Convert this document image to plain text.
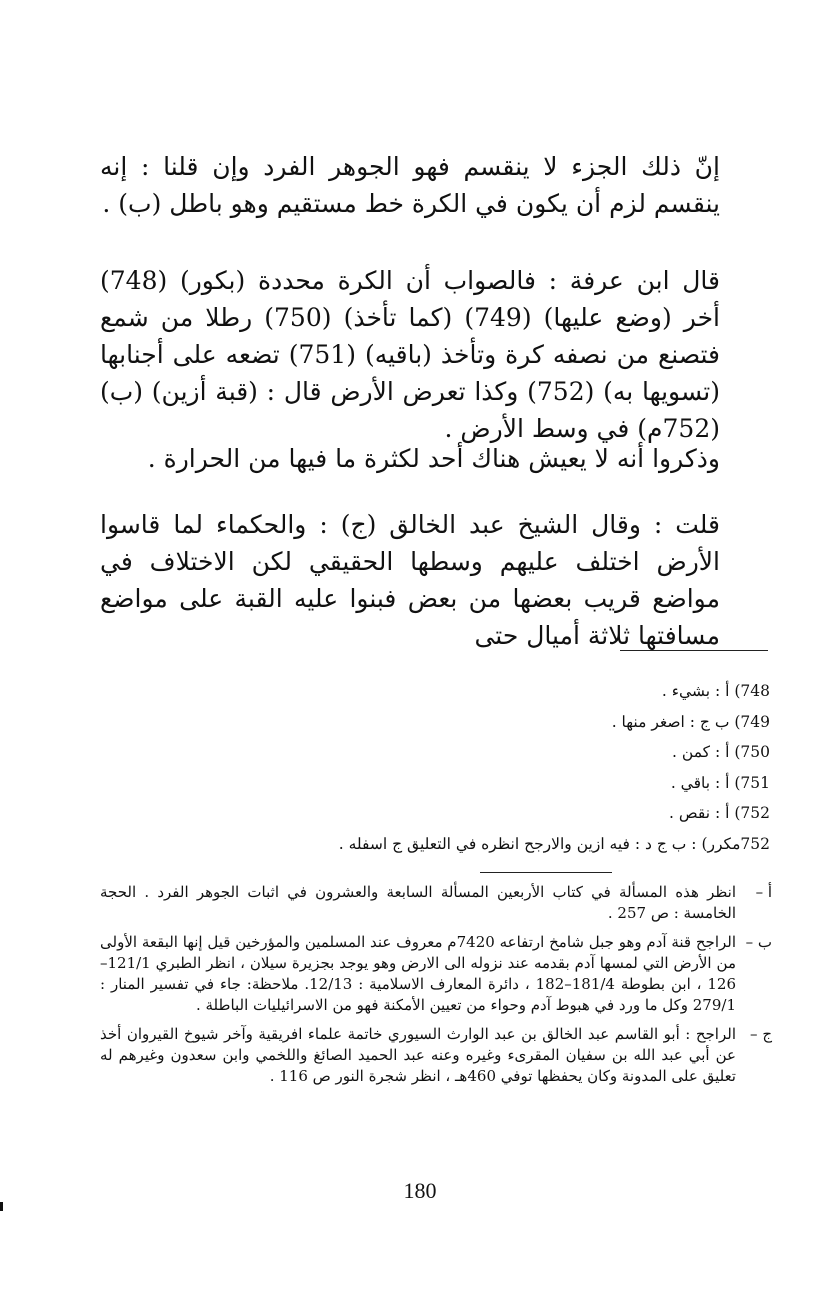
إنّ ذلك الجزء لا ينقسم فهو الجوهر الفرد وإن قلنا : إنه ينقسم لزم أن يكون في الكرة خط مستقيم وهو باطل (ب) .
قال ابن عرفة : فالصواب أن الكرة محددة (بكور) (748) أخر (وضع عليها) (749) (كما تأخذ) (750) رطلا من شمع فتصنع من نصفه كرة وتأخذ (باقيه) (751) تضعه على أجنابها (تسويها به) (752) وكذا تعرض الأرض قال : (قبة أزين) (ب) (752م) في وسط الأرض .
وذكروا أنه لا يعيش هناك أحد لكثرة ما فيها من الحرارة .
قلت : وقال الشيخ عبد الخالق (ج) : والحكماء لما قاسوا الأرض اختلف عليهم وسطها الحقيقي لكن الاختلاف في مواضع قريب بعضها من بعض فبنوا عليه القبة على مواضع مسافتها ثلاثة أميال حتى
748) أ : بشيء .
749) ب ج : اصغر منها .
750) أ : كمن .
751) أ : باقي .
752) أ : نقص .
752مكرر) : ب ج د : فيه ازين والارجح انظره في التعليق ج اسفله .
أ –
انظر هذه المسألة في كتاب الأربعين المسألة السابعة والعشرون في اثبات الجوهر الفرد . الحجة الخامسة : ص 257 .
ب –
الراجح قنة آدم وهو جبل شامخ ارتفاعه 7420م معروف عند المسلمين والمؤرخين قيل إنها البقعة الأولى من الأرض التي لمسها آدم بقدمه عند نزوله الى الارض وهو يوجد بجزيرة سيلان ، انظر الطبري 121/1–126 ، ابن بطوطة 181/4–182 ، دائرة المعارف الاسلامية : 12/13. ملاحظة: جاء في تفسير المنار : 279/1 وكل ما ورد في هبوط آدم وحواء من تعيين الأمكنة فهو من الاسرائيليات الباطلة .
ج –
الراجح : أبو القاسم عبد الخالق بن عبد الوارث السيوري خاتمة علماء افريقية وآخر شيوخ القيروان أخذ عن أبي عبد الله بن سفيان المقرىء وغيره وعنه عبد الحميد الصائغ واللخمي وابن سعدون وغيرهم له تعليق على المدونة وكان يحفظها توفي 460هـ ، انظر شجرة النور ص 116 .
180
